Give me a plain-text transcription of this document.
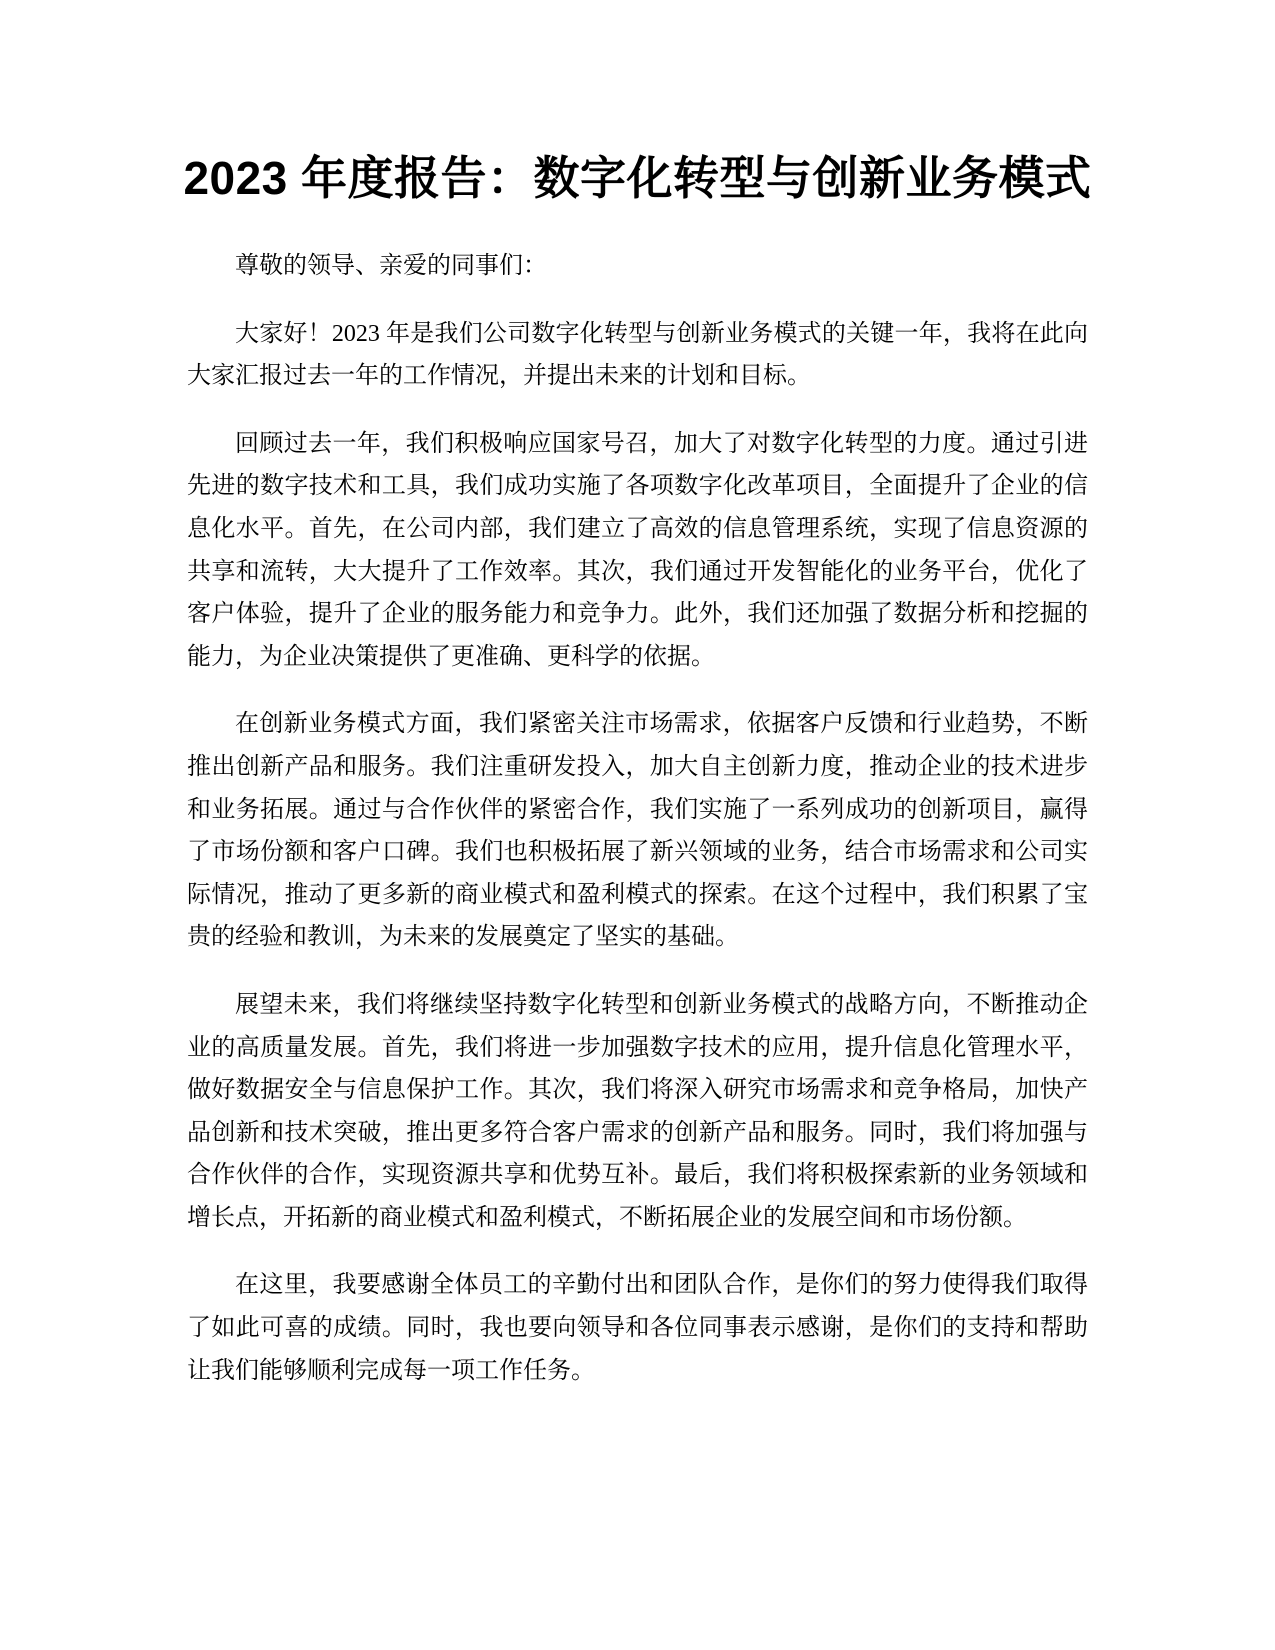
2023 年度报告：数字化转型与创新业务模式

尊敬的领导、亲爱的同事们：

大家好！2023 年是我们公司数字化转型与创新业务模式的关键一年，我将在此向大家汇报过去一年的工作情况，并提出未来的计划和目标。

回顾过去一年，我们积极响应国家号召，加大了对数字化转型的力度。通过引进先进的数字技术和工具，我们成功实施了各项数字化改革项目，全面提升了企业的信息化水平。首先，在公司内部，我们建立了高效的信息管理系统，实现了信息资源的共享和流转，大大提升了工作效率。其次，我们通过开发智能化的业务平台，优化了客户体验，提升了企业的服务能力和竞争力。此外，我们还加强了数据分析和挖掘的能力，为企业决策提供了更准确、更科学的依据。

在创新业务模式方面，我们紧密关注市场需求，依据客户反馈和行业趋势，不断推出创新产品和服务。我们注重研发投入，加大自主创新力度，推动企业的技术进步和业务拓展。通过与合作伙伴的紧密合作，我们实施了一系列成功的创新项目，赢得了市场份额和客户口碑。我们也积极拓展了新兴领域的业务，结合市场需求和公司实际情况，推动了更多新的商业模式和盈利模式的探索。在这个过程中，我们积累了宝贵的经验和教训，为未来的发展奠定了坚实的基础。

展望未来，我们将继续坚持数字化转型和创新业务模式的战略方向，不断推动企业的高质量发展。首先，我们将进一步加强数字技术的应用，提升信息化管理水平，做好数据安全与信息保护工作。其次，我们将深入研究市场需求和竞争格局，加快产品创新和技术突破，推出更多符合客户需求的创新产品和服务。同时，我们将加强与合作伙伴的合作，实现资源共享和优势互补。最后，我们将积极探索新的业务领域和增长点，开拓新的商业模式和盈利模式，不断拓展企业的发展空间和市场份额。

在这里，我要感谢全体员工的辛勤付出和团队合作，是你们的努力使得我们取得了如此可喜的成绩。同时，我也要向领导和各位同事表示感谢，是你们的支持和帮助让我们能够顺利完成每一项工作任务。
